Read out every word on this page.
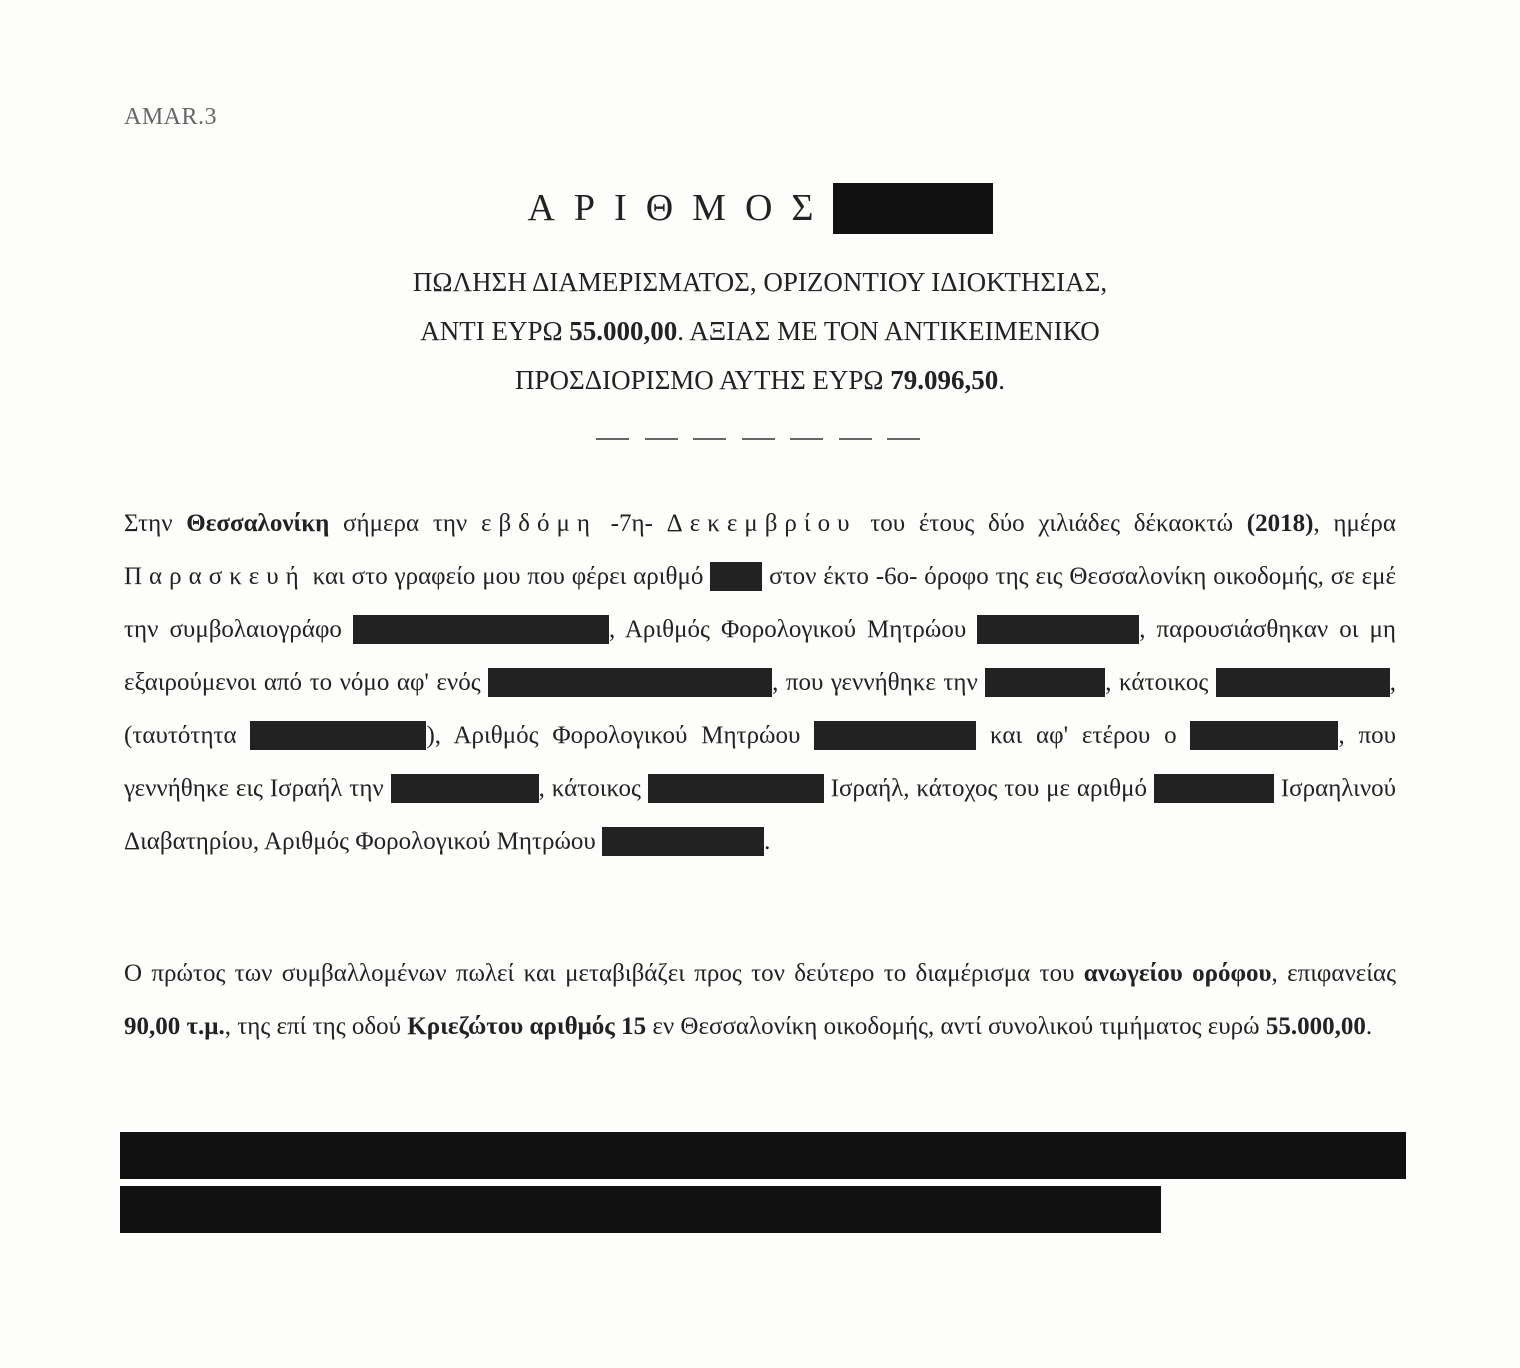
AMAR.3
ΑΡΙΘΜΟΣ
ΠΩΛΗΣΗ ΔΙΑΜΕΡΙΣΜΑΤΟΣ, ΟΡΙΖΟΝΤΙΟΥ ΙΔΙΟΚΤΗΣΙΑΣ,
ΑΝΤΙ ΕΥΡΩ 55.000,00. ΑΞΙΑΣ ΜΕ ΤΟΝ ΑΝΤΙΚΕΙΜΕΝΙΚΟ
ΠΡΟΣΔΙΟΡΙΣΜΟ ΑΥΤΗΣ ΕΥΡΩ 79.096,50.
Στην Θεσσαλονίκη σήμερα την εβδόμη -7η- Δεκεμβρίου του έτους δύο χιλιάδες δέκαοκτώ (2018), ημέρα Παρασκευή και στο γραφείο μου που φέρει αριθμό  στον έκτο -6ο- όροφο της εις Θεσσαλονίκη οικοδομής, σε εμέ την συμβολαιογράφο	, Αριθμός Φορολογικού Μητρώου	, παρουσιάσθηκαν οι μη εξαιρούμενοι από το νόμο αφ' ενός	, που γεννήθηκε την	, κάτοικος	, (ταυτότητα	), Αριθμός Φορολογικού Μητρώου	και αφ' ετέρου ο	, που γεννήθηκε εις Ισραήλ την	, κάτοικος	Ισραήλ, κάτοχος του με αριθμό	Ισραηλινού Διαβατηρίου, Αριθμός Φορολογικού Μητρώου	.
Ο πρώτος των συμβαλλομένων πωλεί και μεταβιβάζει προς τον δεύτερο το διαμέρισμα του ανωγείου ορόφου, επιφανείας 90,00 τ.μ., της επί της οδού Κριεζώτου αριθμός 15 εν Θεσσαλονίκη οικοδομής, αντί συνολικού τιμήματος ευρώ 55.000,00.
